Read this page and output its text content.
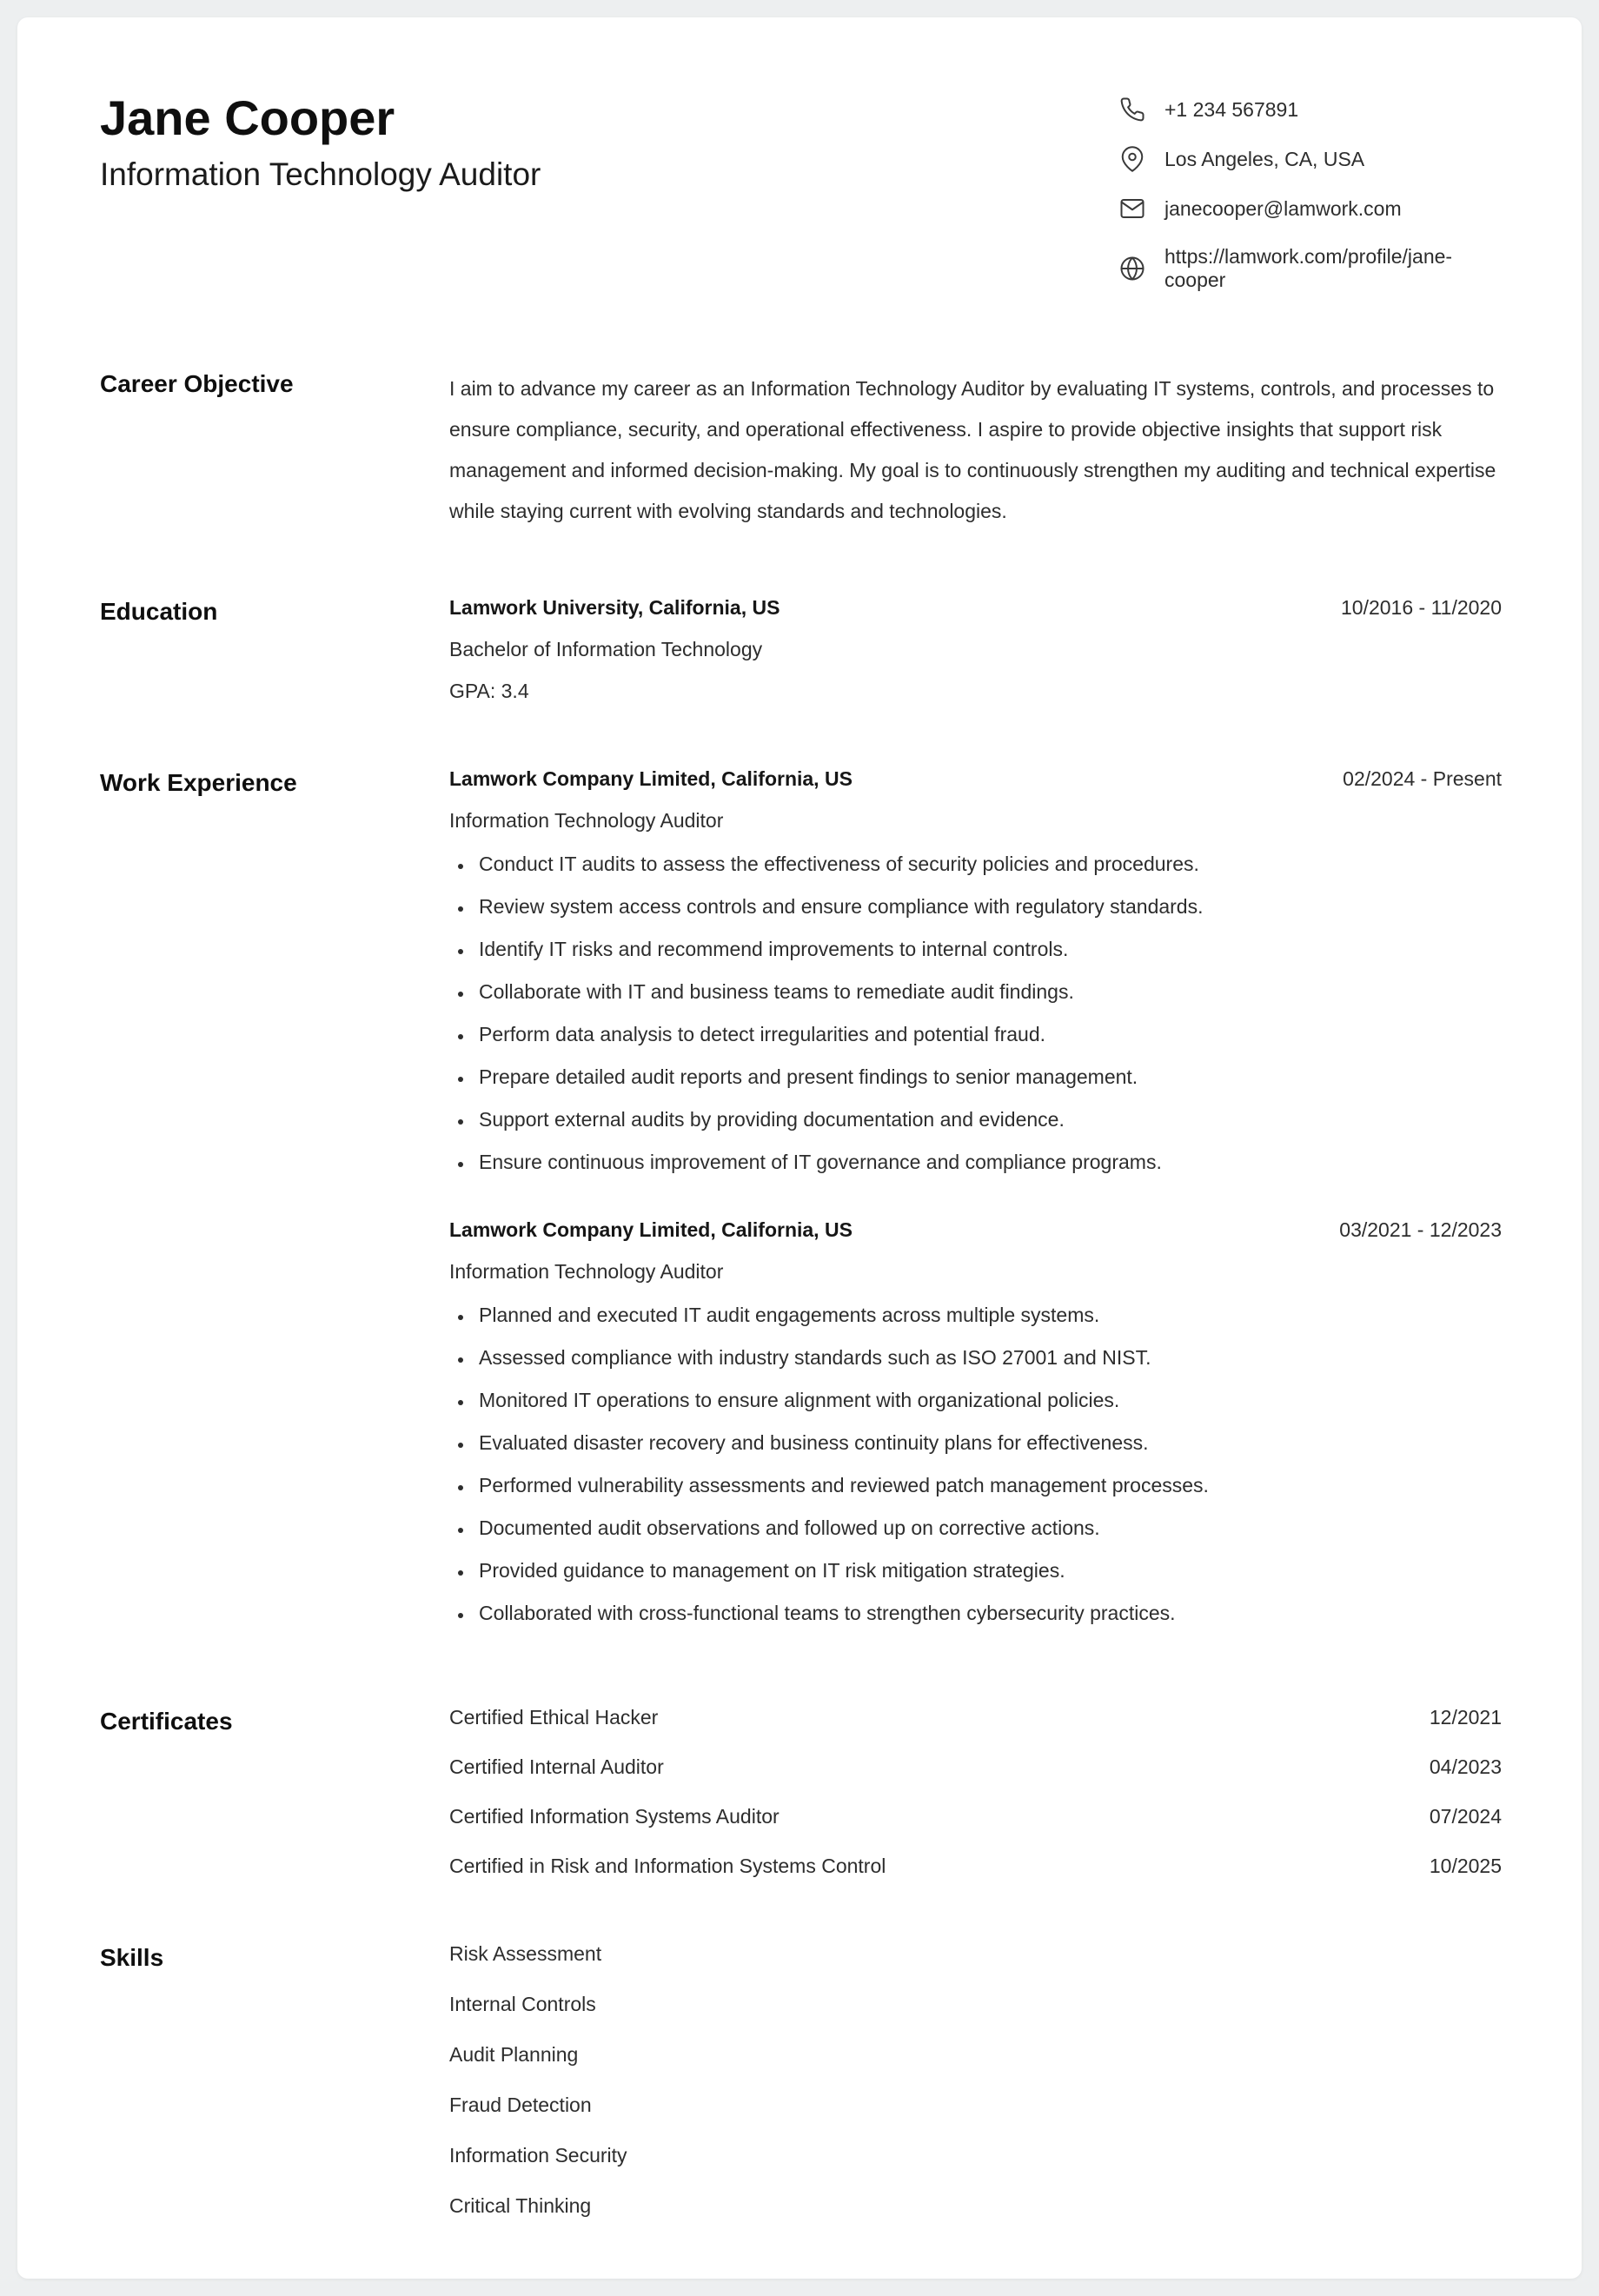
Jane Cooper
Information Technology Auditor
+1 234 567891
Los Angeles, CA, USA
janecooper@lamwork.com
https://lamwork.com/profile/jane-cooper
Career Objective	I aim to advance my career as an Information Technology Auditor by evaluating IT systems, controls, and processes to ensure compliance, security, and operational effectiveness. I aspire to provide objective insights that support risk management and informed decision-making. My goal is to continuously strengthen my auditing and technical expertise while staying current with evolving standards and technologies.

Education	Lamwork University, California, US	10/2016 - 11/2020
Bachelor of Information Technology
GPA: 3.4
Work Experience	Lamwork Company Limited, California, US	02/2024 - Present
Information Technology Auditor
• Conduct IT audits to assess the effectiveness of security policies and procedures.
• Review system access controls and ensure compliance with regulatory standards.
• Identify IT risks and recommend improvements to internal controls.
• Collaborate with IT and business teams to remediate audit findings.
• Perform data analysis to detect irregularities and potential fraud.
• Prepare detailed audit reports and present findings to senior management.
• Support external audits by providing documentation and evidence.
• Ensure continuous improvement of IT governance and compliance programs.
Lamwork Company Limited, California, US	03/2021 - 12/2023
Information Technology Auditor
• Planned and executed IT audit engagements across multiple systems.
• Assessed compliance with industry standards such as ISO 27001 and NIST.
• Monitored IT operations to ensure alignment with organizational policies.
• Evaluated disaster recovery and business continuity plans for effectiveness.
• Performed vulnerability assessments and reviewed patch management processes.
• Documented audit observations and followed up on corrective actions.
• Provided guidance to management on IT risk mitigation strategies.
• Collaborated with cross-functional teams to strengthen cybersecurity practices.
Certificates	Certified Ethical Hacker	12/2021
Certified Internal Auditor	04/2023
Certified Information Systems Auditor	07/2024
Certified in Risk and Information Systems Control	10/2025
Skills	Risk Assessment
Internal Controls
Audit Planning
Fraud Detection
Information Security
Critical Thinking
